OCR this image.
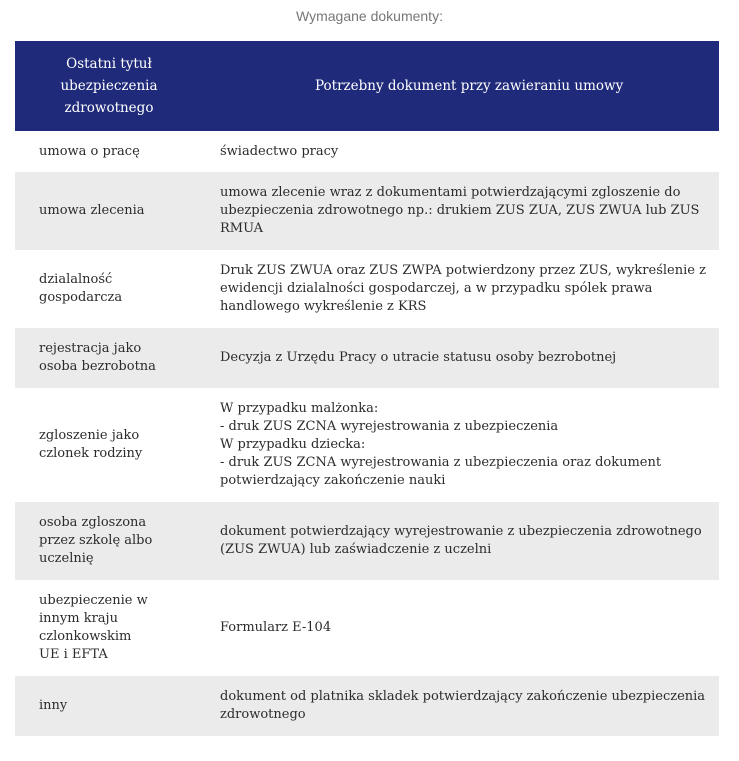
Wymagane dokumenty:
Ostatni tytuł ubezpieczenia zdrowotnego	Potrzebny dokument przy zawieraniu umowy
umowa o pracę	świadectwo pracy
umowa zlecenia	umowa zlecenie wraz z dokumentami potwierdzającymi zgloszenie do ubezpieczenia zdrowotnego np.: drukiem ZUS ZUA, ZUS ZWUA lub ZUS RMUA
dzialalność gospodarcza	Druk ZUS ZWUA oraz ZUS ZWPA potwierdzony przez ZUS, wykreślenie z ewidencji dzialalności gospodarczej, a w przypadku spólek prawa handlowego wykreślenie z KRS
rejestracja jako osoba bezrobotna	Decyzja z Urzędu Pracy o utracie statusu osoby bezrobotnej
zgloszenie jako czlonek rodziny	W przypadku malżonka:
- druk ZUS ZCNA wyrejestrowania z ubezpieczenia
W przypadku dziecka:
- druk ZUS ZCNA wyrejestrowania z ubezpieczenia oraz dokument potwierdzający zakończenie nauki
osoba zgloszona przez szkolę albo uczelnię	dokument potwierdzający wyrejestrowanie z ubezpieczenia zdrowotnego (ZUS ZWUA) lub zaświadczenie z uczelni
ubezpieczenie w innym kraju czlonkowskim UE i EFTA	Formularz E-104
inny	dokument od platnika skladek potwierdzający zakończenie ubezpieczenia zdrowotnego
